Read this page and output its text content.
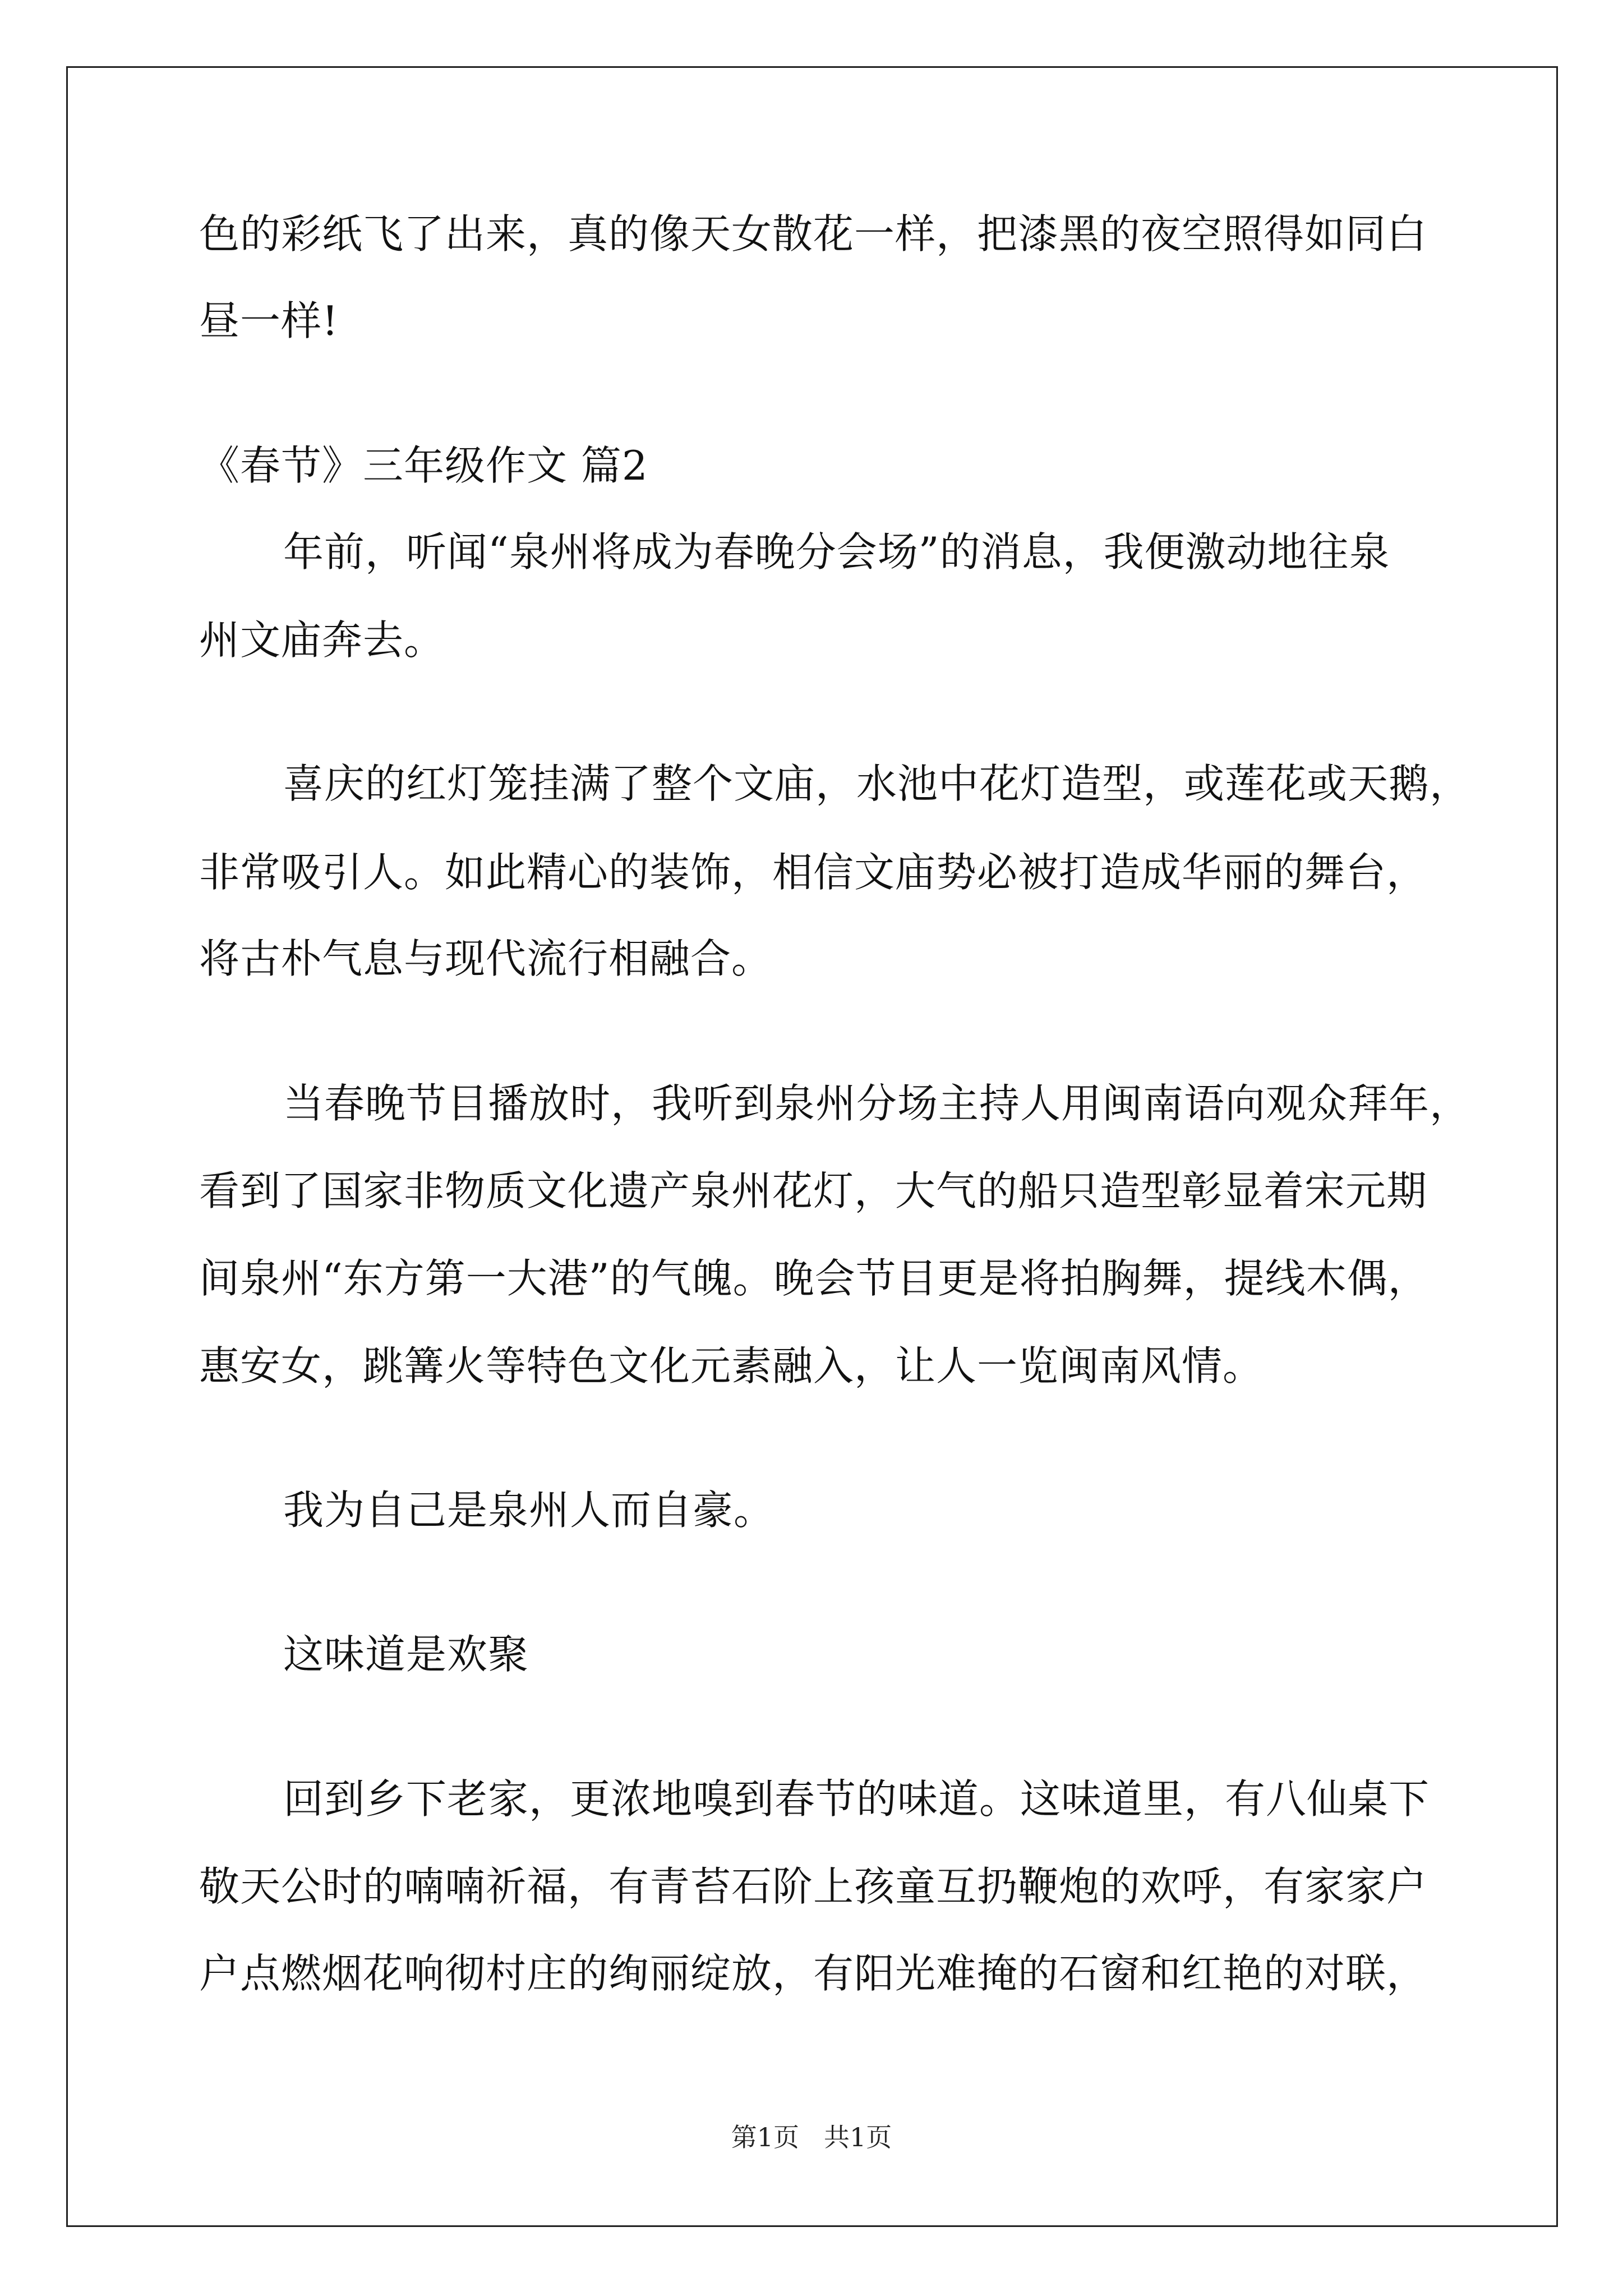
色的彩纸飞了出来，真的像天女散花一样，把漆黑的夜空照得如同白
昼一样!
《春节》三年级作文 篇2
年前，听闻“泉州将成为春晚分会场”的消息，我便激动地往泉
州文庙奔去。
喜庆的红灯笼挂满了整个文庙，水池中花灯造型，或莲花或天鹅，
非常吸引人。如此精心的装饰，相信文庙势必被打造成华丽的舞台，
将古朴气息与现代流行相融合。
当春晚节目播放时，我听到泉州分场主持人用闽南语向观众拜年，
看到了国家非物质文化遗产泉州花灯，大气的船只造型彰显着宋元期
间泉州“东方第一大港”的气魄。晚会节目更是将拍胸舞，提线木偶，
惠安女，跳篝火等特色文化元素融入，让人一览闽南风情。
我为自己是泉州人而自豪。
这味道是欢聚
回到乡下老家，更浓地嗅到春节的味道。这味道里，有八仙桌下
敬天公时的喃喃祈福，有青苔石阶上孩童互扔鞭炮的欢呼，有家家户
户点燃烟花响彻村庄的绚丽绽放，有阳光难掩的石窗和红艳的对联，
第1页 共1页
